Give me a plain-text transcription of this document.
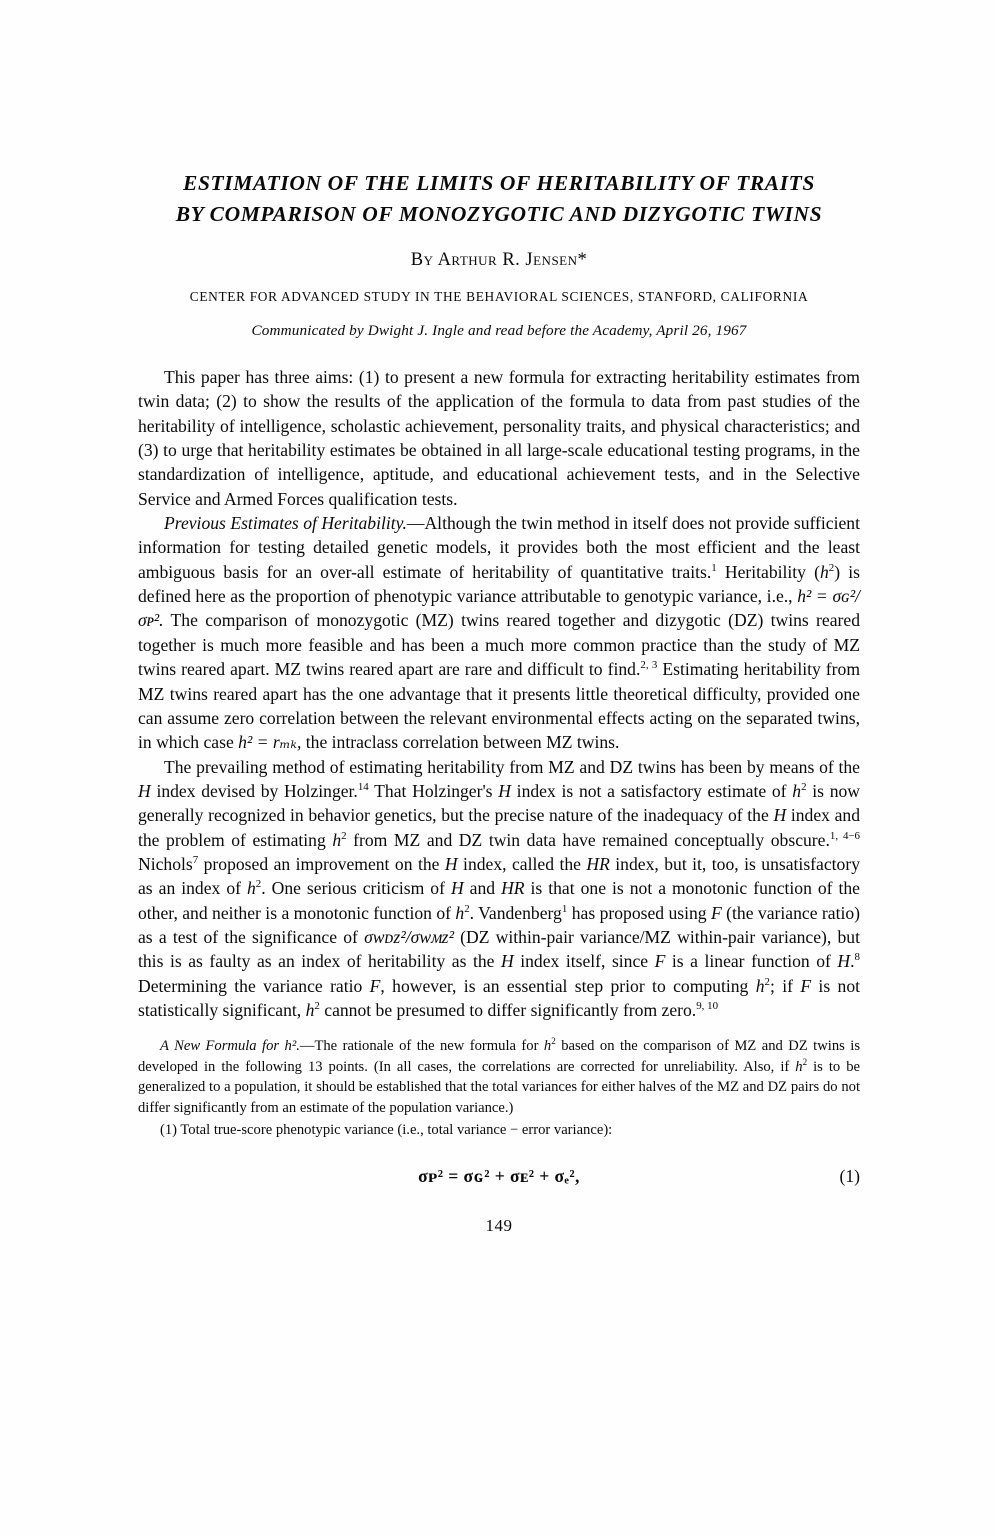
ESTIMATION OF THE LIMITS OF HERITABILITY OF TRAITS
BY COMPARISON OF MONOZYGOTIC AND DIZYGOTIC TWINS
By Arthur R. Jensen*
CENTER FOR ADVANCED STUDY IN THE BEHAVIORAL SCIENCES, STANFORD, CALIFORNIA
Communicated by Dwight J. Ingle and read before the Academy, April 26, 1967

This paper has three aims: (1) to present a new formula for extracting heritability estimates from twin data; (2) to show the results of the application of the formula to data from past studies of the heritability of intelligence, scholastic achievement, personality traits, and physical characteristics; and (3) to urge that heritability estimates be obtained in all large-scale educational testing programs, in the standardization of intelligence, aptitude, and educational achievement tests, and in the Selective Service and Armed Forces qualification tests.

Previous Estimates of Heritability.—Although the twin method in itself does not provide sufficient information for testing detailed genetic models, it provides both the most efficient and the least ambiguous basis for an over-all estimate of heritability of quantitative traits.$^1$ Heritability $(h^2)$ is defined here as the proportion of phenotypic variance attributable to genotypic variance, i.e., h² = σɢ²/σᴘ². The comparison of monozygotic (MZ) twins reared together and dizygotic (DZ) twins reared together is much more feasible and has been a much more common practice than the study of MZ twins reared apart. MZ twins reared apart are rare and difficult to find.$^{2, 3}$ Estimating heritability from MZ twins reared apart has the one advantage that it presents little theoretical difficulty, provided one can assume zero correlation between the relevant environmental effects acting on the separated twins, in which case h² = rₘₖ, the intraclass correlation between MZ twins.

The prevailing method of estimating heritability from MZ and DZ twins has been by means of the H index devised by Holzinger.$^{14}$ That Holzinger's H index is not a satisfactory estimate of $h^2$ is now generally recognized in behavior genetics, but the precise nature of the inadequacy of the H index and the problem of estimating $h^2$ from MZ and DZ twin data have remained conceptually obscure.$^{1, 4-6}$ Nichols$^7$ proposed an improvement on the H index, called the HR index, but it, too, is unsatisfactory as an index of $h^2$. One serious criticism of H and HR is that one is not a monotonic function of the other, and neither is a monotonic function of $h^2$. Vandenberg$^1$ has proposed using F (the variance ratio) as a test of the significance of σwᴅᴢ²/σwᴍᴢ² (DZ within-pair variance/MZ within-pair variance), but this is as faulty as an index of heritability as the H index itself, since F is a linear function of H.$^8$ Determining the variance ratio F, however, is an essential step prior to computing $h^2$; if F is not statistically significant, $h^2$ cannot be presumed to differ significantly from zero.$^{9, 10}$

A New Formula for h².—The rationale of the new formula for $h^2$ based on the comparison of MZ and DZ twins is developed in the following 13 points. (In all cases, the correlations are corrected for unreliability. Also, if $h^2$ is to be generalized to a population, it should be established that the total variances for either halves of the MZ and DZ pairs do not differ significantly from an estimate of the population variance.)

(1) Total true-score phenotypic variance (i.e., total variance − error variance):

σᴘ² = σɢ² + σᴇ² + σₑ²,	(1)
149
